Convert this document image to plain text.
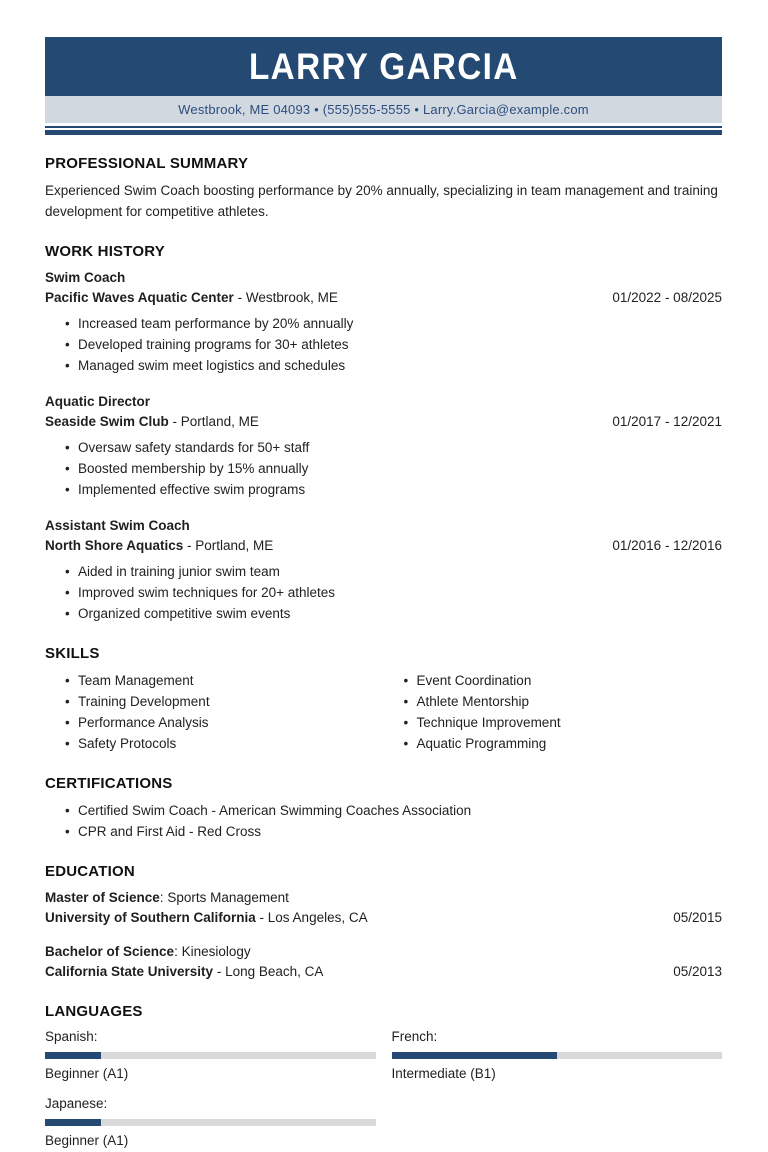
LARRY GARCIA
Westbrook, ME 04093 • (555)555-5555 • Larry.Garcia@example.com
PROFESSIONAL SUMMARY

Experienced Swim Coach boosting performance by 20% annually, specializing in team management and training development for competitive athletes.

WORK HISTORY
Swim Coach
Pacific Waves Aquatic Center - Westbrook, ME	01/2022 - 08/2025
• Increased team performance by 20% annually
• Developed training programs for 30+ athletes
• Managed swim meet logistics and schedules
Aquatic Director
Seaside Swim Club - Portland, ME	01/2017 - 12/2021
• Oversaw safety standards for 50+ staff
• Boosted membership by 15% annually
• Implemented effective swim programs
Assistant Swim Coach
North Shore Aquatics - Portland, ME	01/2016 - 12/2016
• Aided in training junior swim team
• Improved swim techniques for 20+ athletes
• Organized competitive swim events
SKILLS
• Team Management
• Training Development
• Performance Analysis
• Safety Protocols
• Event Coordination
• Athlete Mentorship
• Technique Improvement
• Aquatic Programming
CERTIFICATIONS
• Certified Swim Coach - American Swimming Coaches Association
• CPR and First Aid - Red Cross
EDUCATION
Master of Science: Sports Management
University of Southern California - Los Angeles, CA	05/2015
Bachelor of Science: Kinesiology
California State University - Long Beach, CA	05/2013
LANGUAGES
Spanish:
Beginner (A1)
French:
Intermediate (B1)
Japanese:
Beginner (A1)
